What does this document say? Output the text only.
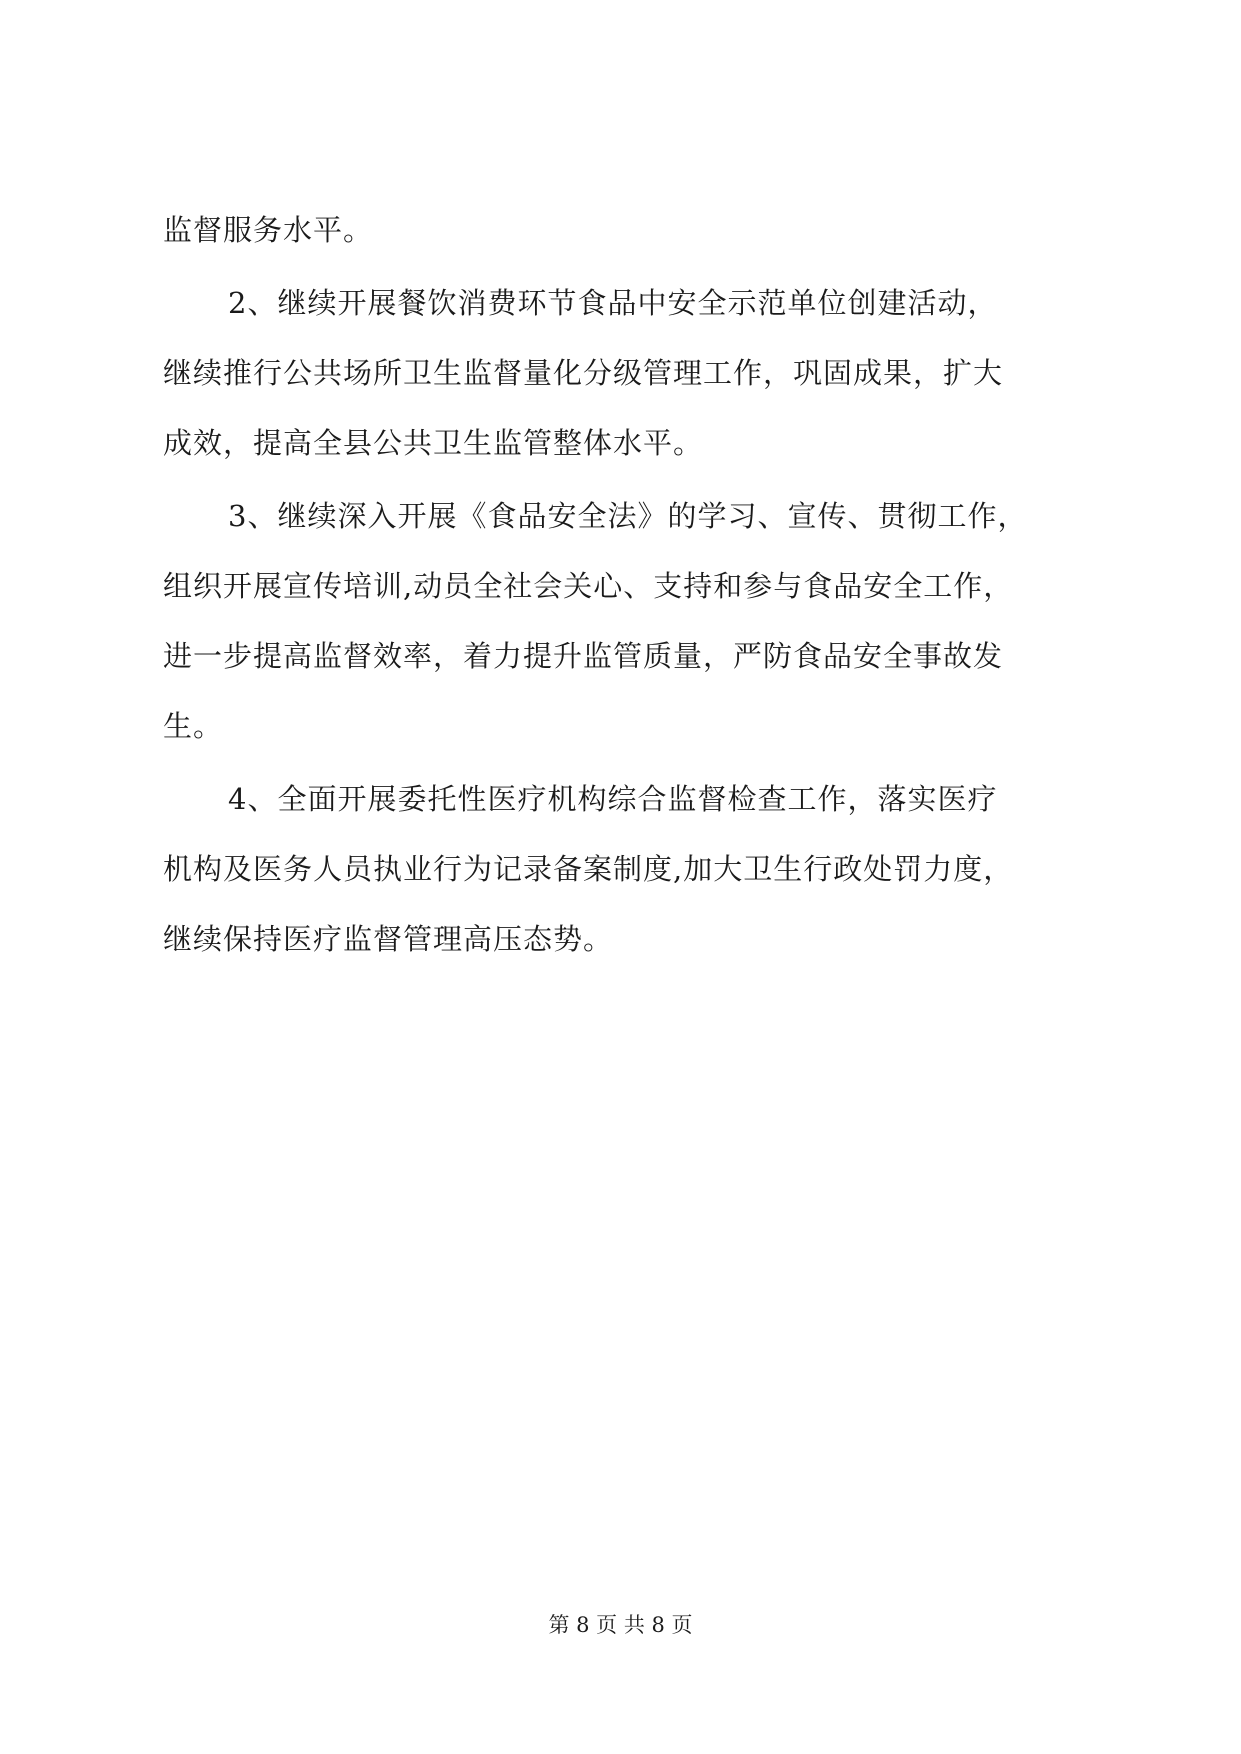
监督服务水平。
2、继续开展餐饮消费环节食品中安全示范单位创建活动，
继续推行公共场所卫生监督量化分级管理工作，巩固成果，扩大
成效，提高全县公共卫生监管整体水平。
3、继续深入开展《食品安全法》的学习、宣传、贯彻工作，
组织开展宣传培训,动员全社会关心、支持和参与食品安全工作，
进一步提高监督效率，着力提升监管质量，严防食品安全事故发
生。
4、全面开展委托性医疗机构综合监督检查工作，落实医疗
机构及医务人员执业行为记录备案制度,加大卫生行政处罚力度，
继续保持医疗监督管理高压态势。
第 8 页 共 8 页
